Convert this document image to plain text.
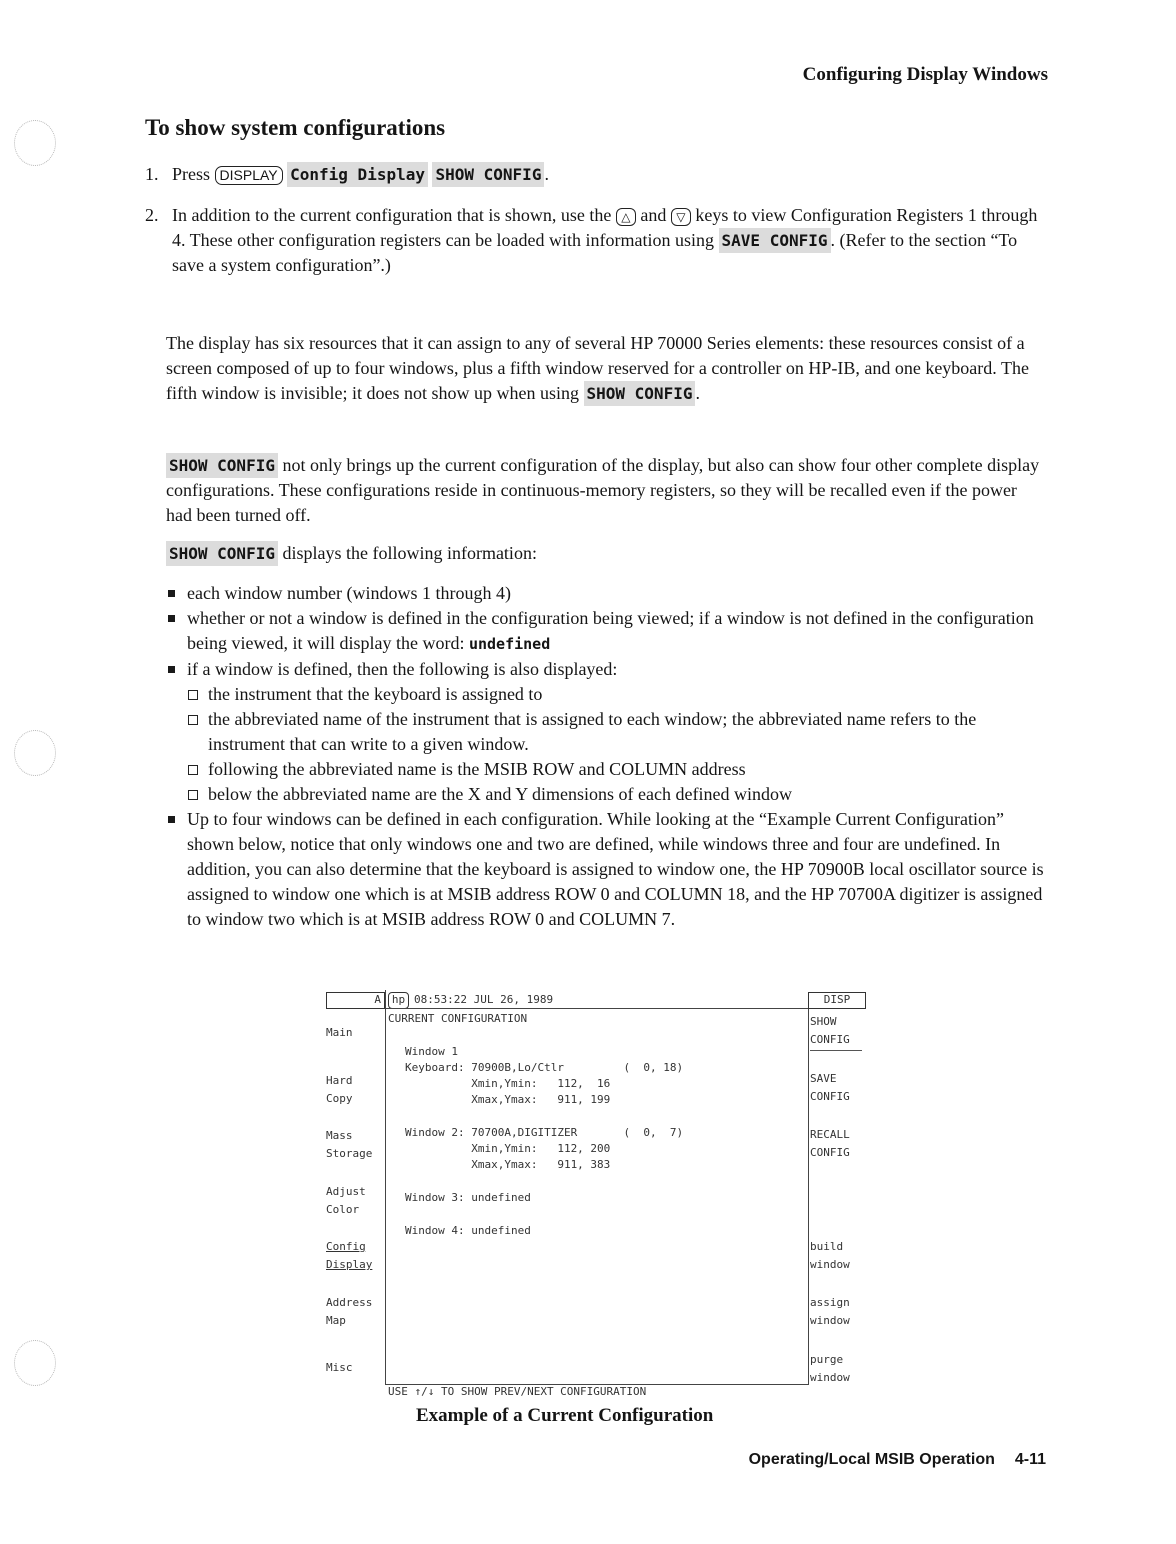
Configuring Display Windows
To show system configurations
1. Press DISPLAY Config Display SHOW CONFIG .
2. In addition to the current configuration that is shown, use the △ and ▽ keys to view Configuration Registers 1 through 4. These other configuration registers can be loaded with information using SAVE CONFIG . (Refer to the section “To save a system configuration”.)
The display has six resources that it can assign to any of several HP 70000 Series elements: these resources consist of a screen composed of up to four windows, plus a fifth window reserved for a controller on HP-IB, and one keyboard. The fifth window is invisible; it does not show up when using SHOW CONFIG .
SHOW CONFIG not only brings up the current configuration of the display, but also can show four other complete display configurations. These configurations reside in continuous-memory registers, so they will be recalled even if the power had been turned off.
SHOW CONFIG displays the following information:
each window number (windows 1 through 4)
whether or not a window is defined in the configuration being viewed; if a window is not defined in the configuration being viewed, it will display the word: undefined
if a window is defined, then the following is also displayed:
the instrument that the keyboard is assigned to
the abbreviated name of the instrument that is assigned to each window; the abbreviated name refers to the instrument that can write to a given window.
following the abbreviated name is the MSIB ROW and COLUMN address
below the abbreviated name are the X and Y dimensions of each defined window
Up to four windows can be defined in each configuration. While looking at the “Example Current Configuration” shown below, notice that only windows one and two are defined, while windows three and four are undefined. In addition, you can also determine that the keyboard is assigned to window one, the HP 70900B local oscillator source is assigned to window one which is at MSIB address ROW 0 and COLUMN 18, and the HP 70700A digitizer is assigned to window two which is at MSIB address ROW 0 and COLUMN 7.
A hp 08:53:22 JUL 26, 1989
CURRENT CONFIGURATION
DISP
Main
Hard
Copy
Mass
Storage
Adjust
Color
Config
Display
Address
Map
Misc
SHOW
CONFIG
SAVE
CONFIG
RECALL
CONFIG
build
window
assign
window
purge
window
Window 1
Keyboard: 70900B,Lo/Ctlr         (  0, 18)
Xmin,Ymin:   112,  16
Xmax,Ymax:   911, 199
Window 2: 70700A,DIGITIZER       (  0,  7)
Xmin,Ymin:   112, 200
Xmax,Ymax:   911, 383
Window 3: undefined
Window 4: undefined
USE ↑/↓ TO SHOW PREV/NEXT CONFIGURATION
Example of a Current Configuration
Operating/Local MSIB Operation 4-11
